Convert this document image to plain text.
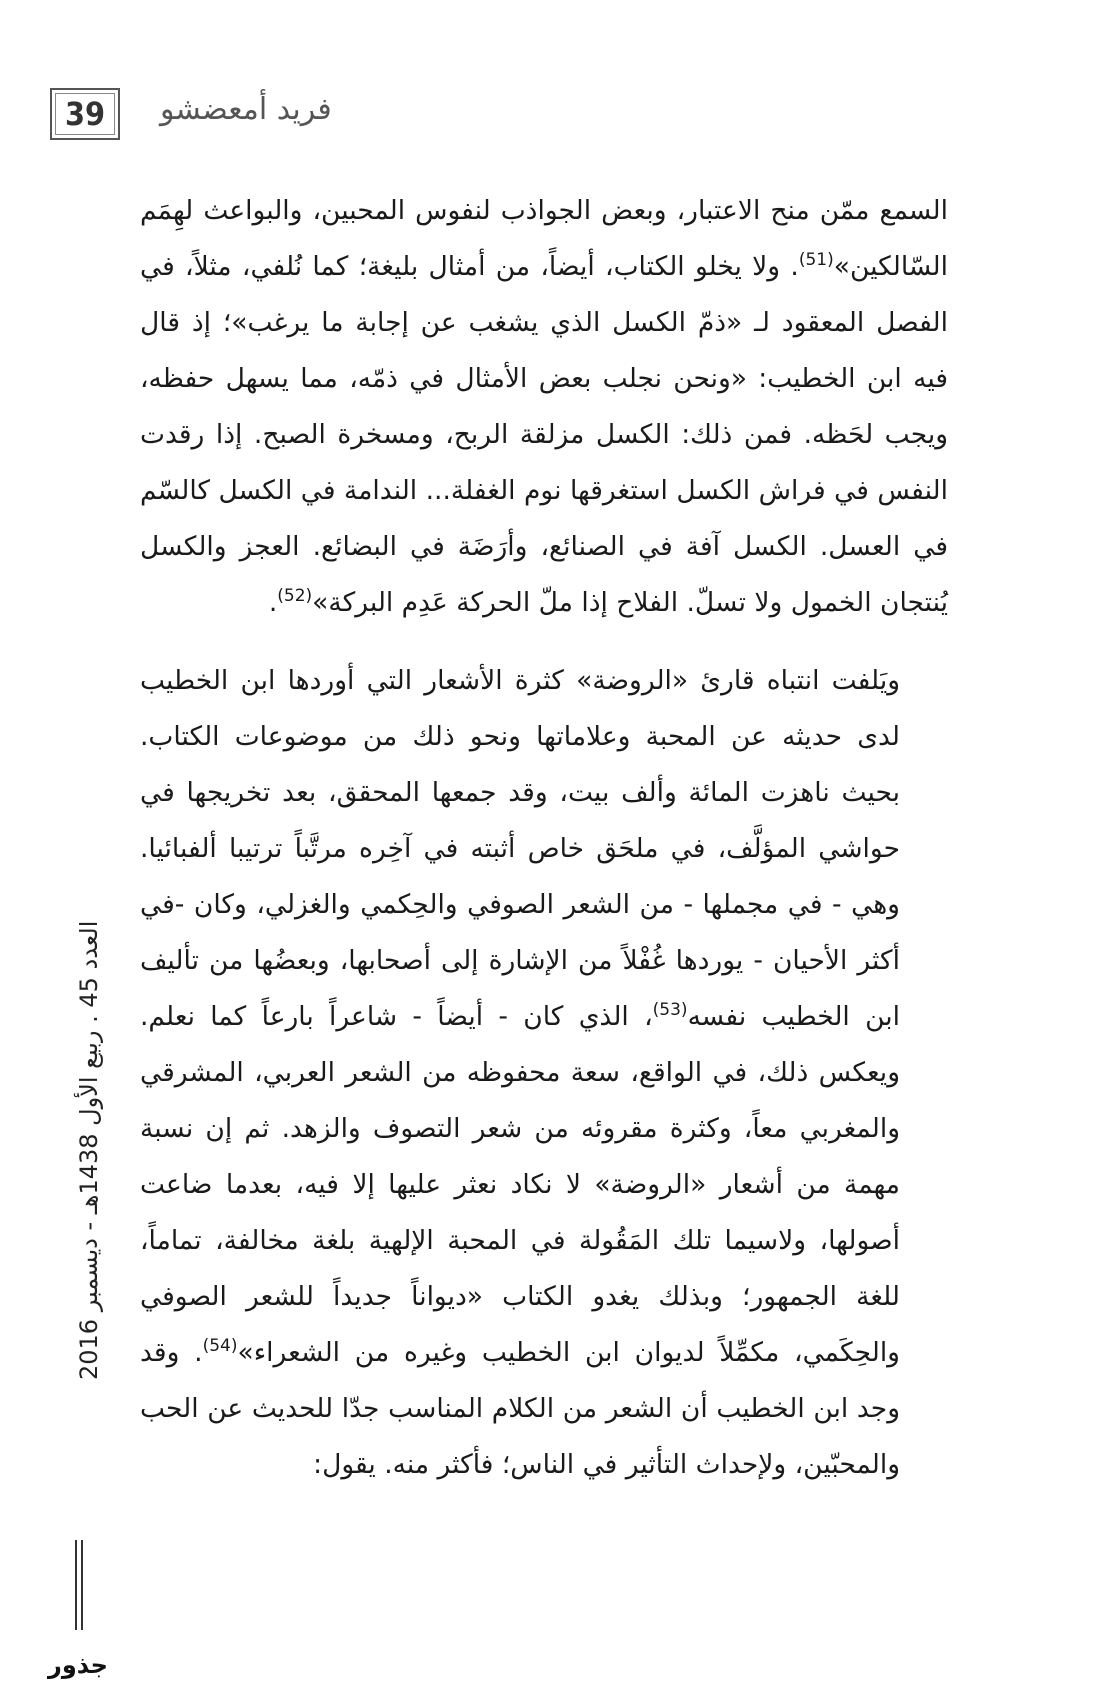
39	فريد أمعضشو

السمع ممّن منح الاعتبار، وبعض الجواذب لنفوس المحبين، والبواعث لهِمَم السّالكين»$^{(51)}$. ولا يخلو الكتاب، أيضاً، من أمثال بليغة؛ كما نُلفي، مثلاً، في الفصل المعقود لـ «ذمّ الكسل الذي يشغب عن إجابة ما يرغب»؛ إذ قال فيه ابن الخطيب: «ونحن نجلب بعض الأمثال في ذمّه، مما يسهل حفظه، ويجب لحَظه. فمن ذلك: الكسل مزلقة الربح، ومسخرة الصبح. إذا رقدت النفس في فراش الكسل استغرقها نوم الغفلة... الندامة في الكسل كالسّم في العسل. الكسل آفة في الصنائع، وأرَضَة في البضائع. العجز والكسل يُنتجان الخمول ولا تسلّ. الفلاح إذا ملّ الحركة عَدِم البركة»$^{(52)}$.

ويَلفت انتباه قارئ «الروضة» كثرة الأشعار التي أوردها ابن الخطيب لدى حديثه عن المحبة وعلاماتها ونحو ذلك من موضوعات الكتاب. بحيث ناهزت المائة وألف بيت، وقد جمعها المحقق، بعد تخريجها في حواشي المؤلَّف، في ملحَق خاص أثبته في آخِره مرتَّباً ترتيبا ألفبائيا. وهي - في مجملها - من الشعر الصوفي والحِكمي والغزلي، وكان -في أكثر الأحيان - يوردها غُفْلاً من الإشارة إلى أصحابها، وبعضُها من تأليف ابن الخطيب نفسه$^{(53)}$، الذي كان - أيضاً - شاعراً بارعاً كما نعلم. ويعكس ذلك، في الواقع، سعة محفوظه من الشعر العربي، المشرقي والمغربي معاً، وكثرة مقروئه من شعر التصوف والزهد. ثم إن نسبة مهمة من أشعار «الروضة» لا نكاد نعثر عليها إلا فيه، بعدما ضاعت أصولها، ولاسيما تلك المَقُولة في المحبة الإلهية بلغة مخالفة، تماماً، للغة الجمهور؛ وبذلك يغدو الكتاب «ديواناً جديداً للشعر الصوفي والحِكَمي، مكمِّلاً لديوان ابن الخطيب وغيره من الشعراء»$^{(54)}$. وقد وجد ابن الخطيب أن الشعر من الكلام المناسب جدّا للحديث عن الحب والمحبّين، ولإحداث التأثير في الناس؛ فأكثر منه. يقول:

العدد 45 . ربيع الأول 1438هـ - ديسمبر 2016
جذور
